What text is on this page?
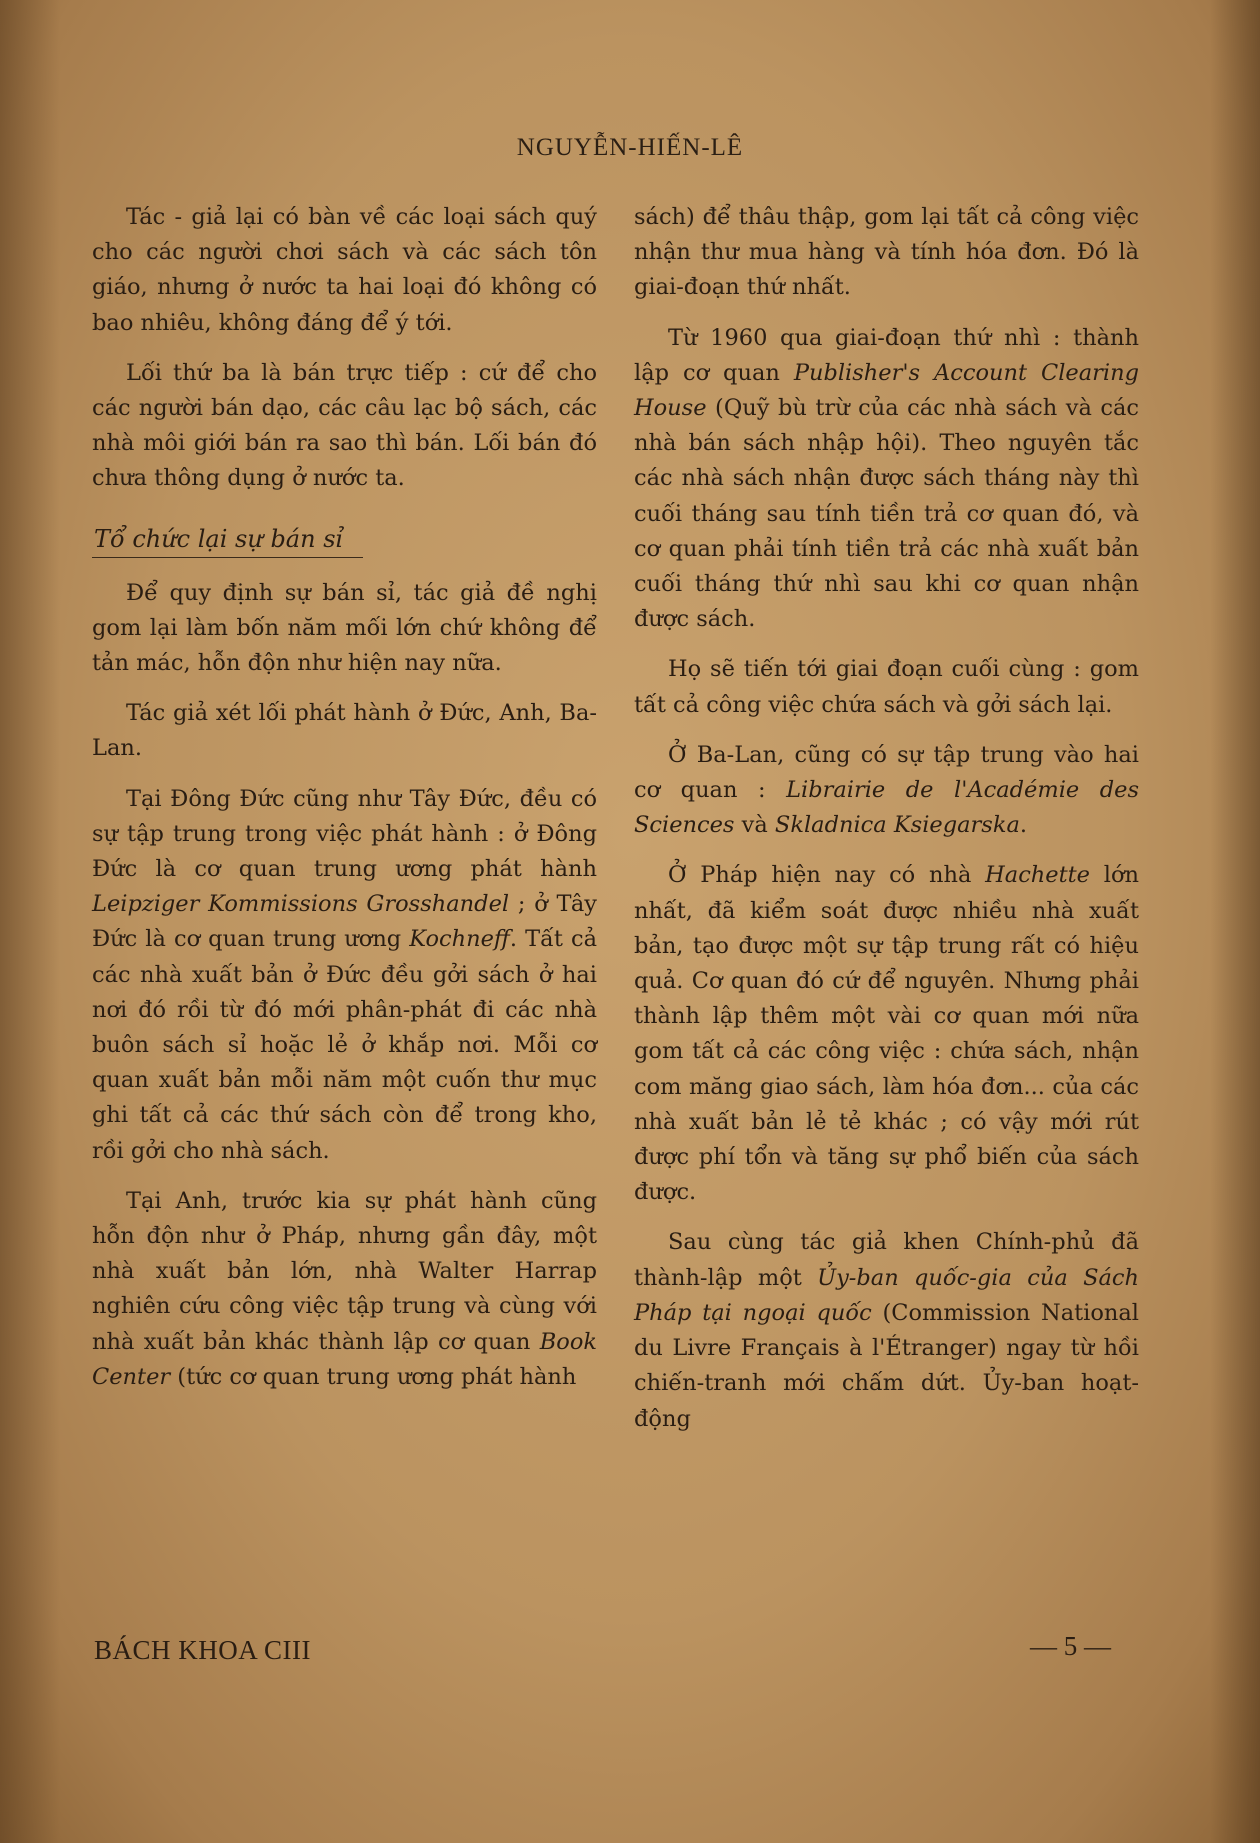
NGUYỄN-HIẾN-LÊ

Tác - giả lại có bàn về các loại sách quý cho các người chơi sách và các sách tôn giáo, nhưng ở nước ta hai loại đó không có bao nhiêu, không đáng để ý tới.

Lối thứ ba là bán trực tiếp : cứ để cho các người bán dạo, các câu lạc bộ sách, các nhà môi giới bán ra sao thì bán. Lối bán đó chưa thông dụng ở nước ta.

Tổ chức lại sự bán sỉ

Để quy định sự bán sỉ, tác giả đề nghị gom lại làm bốn năm mối lớn chứ không để tản mác, hỗn độn như hiện nay nữa.

Tác giả xét lối phát hành ở Đức, Anh, Ba-Lan.

Tại Đông Đức cũng như Tây Đức, đều có sự tập trung trong việc phát hành : ở Đông Đức là cơ quan trung ương phát hành Leipziger Kommissions Grosshandel ; ở Tây Đức là cơ quan trung ương Kochneff. Tất cả các nhà xuất bản ở Đức đều gởi sách ở hai nơi đó rồi từ đó mới phân-phát đi các nhà buôn sách sỉ hoặc lẻ ở khắp nơi. Mỗi cơ quan xuất bản mỗi năm một cuốn thư mục ghi tất cả các thứ sách còn để trong kho, rồi gởi cho nhà sách.

Tại Anh, trước kia sự phát hành cũng hỗn độn như ở Pháp, nhưng gần đây, một nhà xuất bản lớn, nhà Walter Harrap nghiên cứu công việc tập trung và cùng với nhà xuất bản khác thành lập cơ quan Book Center (tức cơ quan trung ương phát hành

sách) để thâu thập, gom lại tất cả công việc nhận thư mua hàng và tính hóa đơn. Đó là giai-đoạn thứ nhất.

Từ 1960 qua giai-đoạn thứ nhì : thành lập cơ quan Publisher's Account Clearing House (Quỹ bù trừ của các nhà sách và các nhà bán sách nhập hội). Theo nguyên tắc các nhà sách nhận được sách tháng này thì cuối tháng sau tính tiền trả cơ quan đó, và cơ quan phải tính tiền trả các nhà xuất bản cuối tháng thứ nhì sau khi cơ quan nhận được sách.

Họ sẽ tiến tới giai đoạn cuối cùng : gom tất cả công việc chứa sách và gởi sách lại.

Ở Ba-Lan, cũng có sự tập trung vào hai cơ quan : Librairie de l'Académie des Sciences và Skladnica Ksiegarska.

Ở Pháp hiện nay có nhà Hachette lớn nhất, đã kiểm soát được nhiều nhà xuất bản, tạo được một sự tập trung rất có hiệu quả. Cơ quan đó cứ để nguyên. Nhưng phải thành lập thêm một vài cơ quan mới nữa gom tất cả các công việc : chứa sách, nhận com măng giao sách, làm hóa đơn... của các nhà xuất bản lẻ tẻ khác ; có vậy mới rút được phí tổn và tăng sự phổ biến của sách được.

Sau cùng tác giả khen Chính-phủ đã thành-lập một Ủy-ban quốc-gia của Sách Pháp tại ngoại quốc (Commission National du Livre Français à l'Étranger) ngay từ hồi chiến-tranh mới chấm dứt. Ủy-ban hoạt-động

BÁCH KHOA CIII	— 5 —
